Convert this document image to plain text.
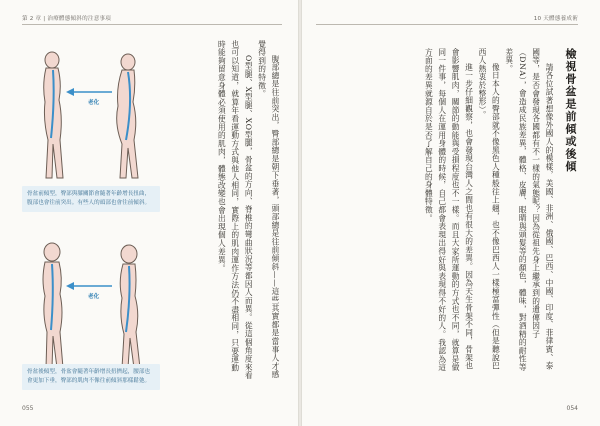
第 2 章 | 治療體態傾斜的注意事項
老化
骨盆前傾型，臀部與膝關節會隨著年齡增長扭曲，腹部也會往前突出。有些人的頭部也會往前傾斜。
老化
骨盆後傾型，骨盆會隨著年齡增長扭擠起，腰部也會更加下垂，臀部的肌肉不像往前傾斜那樣鬆弛。
腹部總是往前突出，臀部總是朝下垂著，頭部總是往前傾斜——這些其實都是當事人才感覺得到的特徵。
O型腿、X型腿、XO型腿，骨盆的方向、脊椎的彎曲狀況等都因人而異。從這個角度來看也可以知道，就算年看運動方式與他人相同，實際上的肌肉運作方法仍不盡相同，只要運動時能夠留意身體必須使用的肌肉，體態改變也會出現個人差異。
055
10 天體態養成術
檢視骨盆是前傾或後傾
請各位試著想像外國人的模樣，美國、非洲、俄國、巴西、中國、印度、菲律賓、泰國等，是否會發現各國都有不一樣的氣態呢？因為從祖先身上繼承到的遺傳因子（DNA），會造成民族差異，體格、皮膚、眼睛與頭髮等的顏色，體味，對酒精的耐性等差異。
像日本人的臀部就不像黑色人種般往上翹，也不像巴西人一樣極富彈性（但是聽說巴西人熱衷於整形）。
進一步仔細觀察，也會發現台灣人之間也有很大的差異。因為天生骨架不同，骨架也會影響肌肉，關節的動能與受損程度也不一樣。而且大家所運動的方式也不同，就算是做同一件事，每個人在運用身體的時候，自己都會表現出得好與表現得不好的人。我認為這方面的差異就源自於是否了解自己的身體特徵。
054
